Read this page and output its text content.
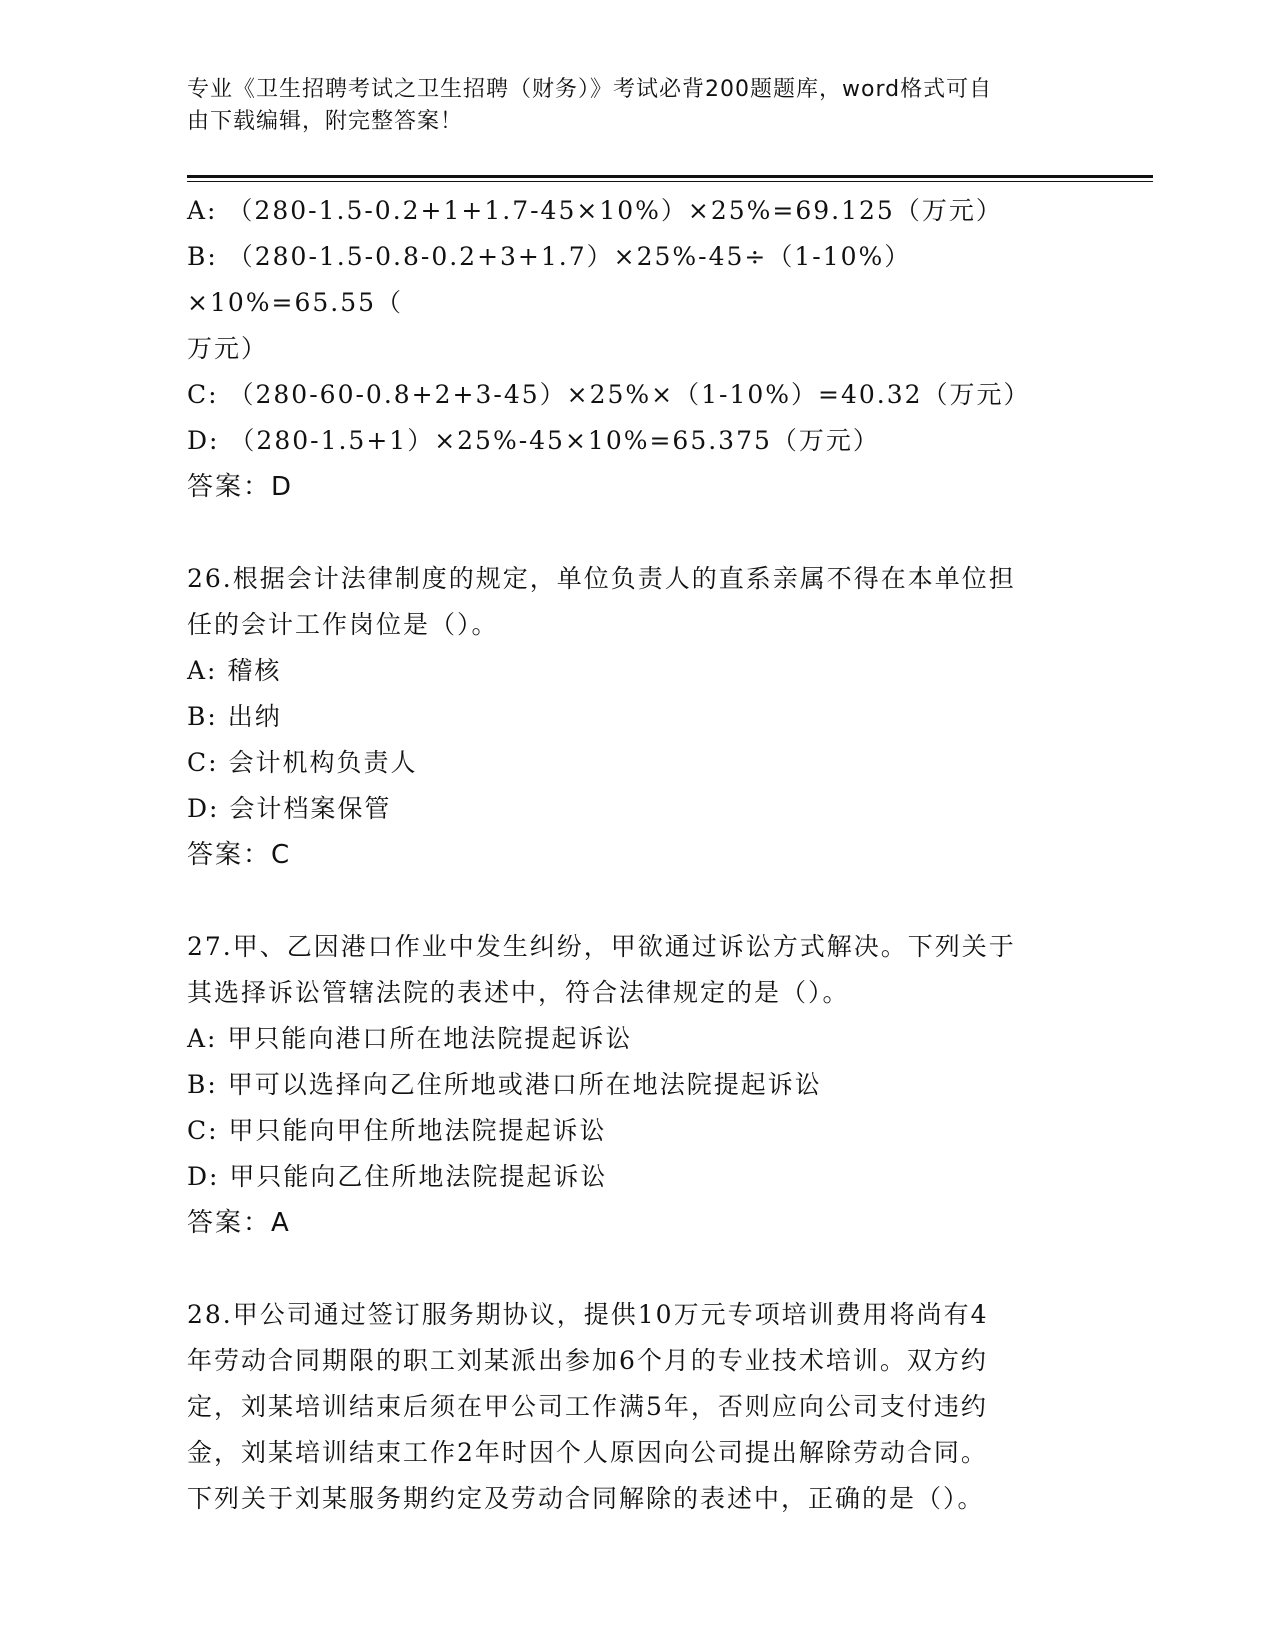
专业《卫生招聘考试之卫生招聘（财务）》考试必背200题题库，word格式可自
由下载编辑，附完整答案！
A: （280-1.5-0.2+1+1.7-45×10%）×25%=69.125（万元）
B: （280-1.5-0.8-0.2+3+1.7）×25%-45÷（1-10%）×10%=65.55（
万元）
C: （280-60-0.8+2+3-45）×25%×（1-10%）=40.32（万元）
D: （280-1.5+1）×25%-45×10%=65.375（万元）
答案：D
26.根据会计法律制度的规定，单位负责人的直系亲属不得在本单位担
任的会计工作岗位是（）。
A: 稽核
B: 出纳
C: 会计机构负责人
D: 会计档案保管
答案：C
27.甲、乙因港口作业中发生纠纷，甲欲通过诉讼方式解决。下列关于
其选择诉讼管辖法院的表述中，符合法律规定的是（）。
A: 甲只能向港口所在地法院提起诉讼
B: 甲可以选择向乙住所地或港口所在地法院提起诉讼
C: 甲只能向甲住所地法院提起诉讼
D: 甲只能向乙住所地法院提起诉讼
答案：A
28.甲公司通过签订服务期协议，提供10万元专项培训费用将尚有4
年劳动合同期限的职工刘某派出参加6个月的专业技术培训。双方约
定，刘某培训结束后须在甲公司工作满5年，否则应向公司支付违约
金，刘某培训结束工作2年时因个人原因向公司提出解除劳动合同。
下列关于刘某服务期约定及劳动合同解除的表述中，正确的是（）。
